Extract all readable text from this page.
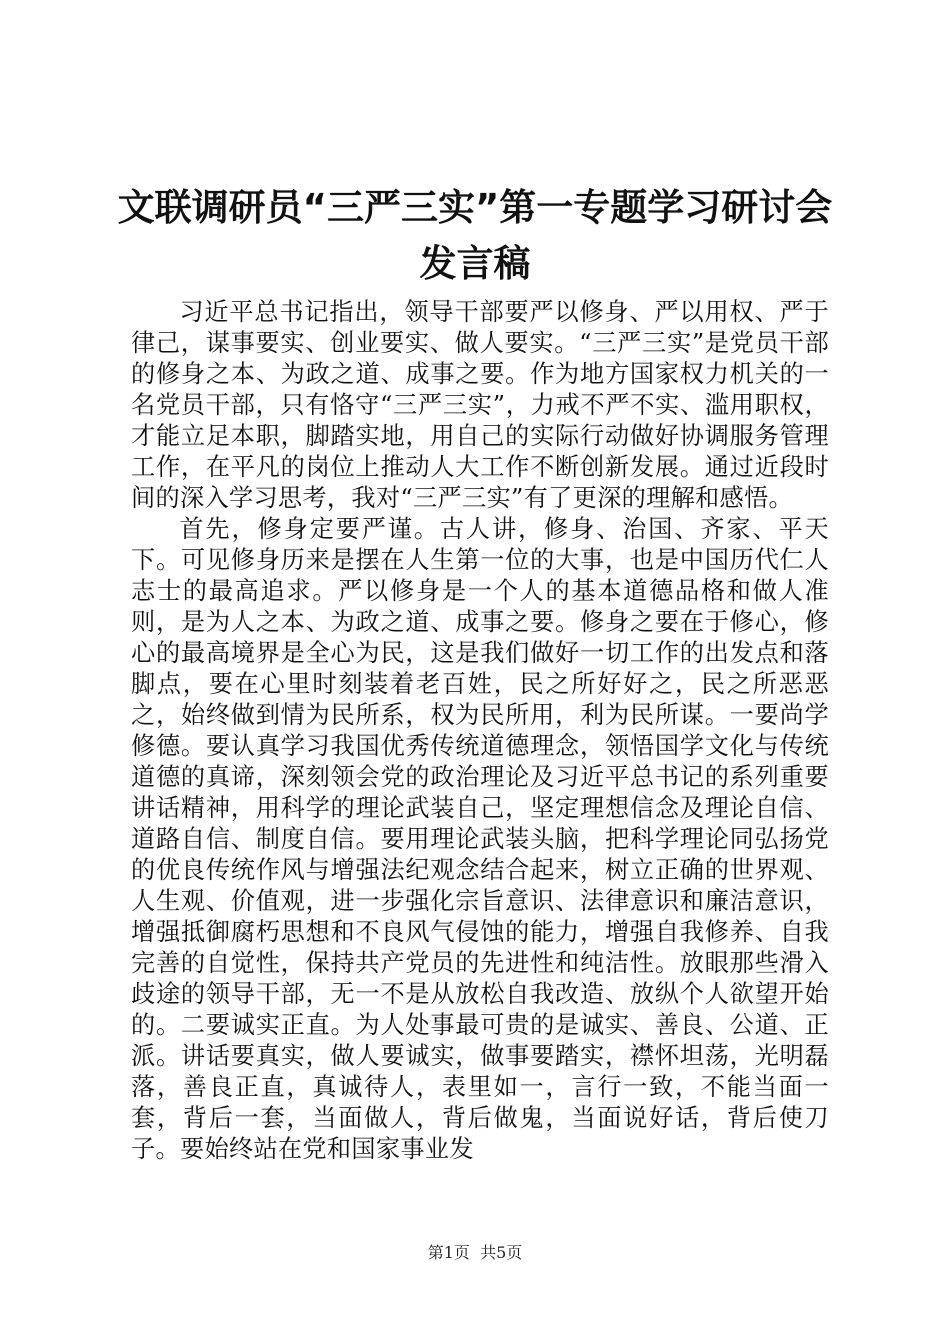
文联调研员“三严三实”第一专题学习研讨会
发言稿

习近平总书记指出，领导干部要严以修身、严以用权、严于律己，谋事要实、创业要实、做人要实。“三严三实”是党员干部的修身之本、为政之道、成事之要。作为地方国家权力机关的一名党员干部，只有恪守“三严三实”，力戒不严不实、滥用职权，才能立足本职，脚踏实地，用自己的实际行动做好协调服务管理工作，在平凡的岗位上推动人大工作不断创新发展。通过近段时间的深入学习思考，我对“三严三实”有了更深的理解和感悟。

首先，修身定要严谨。古人讲，修身、治国、齐家、平天下。可见修身历来是摆在人生第一位的大事，也是中国历代仁人志士的最高追求。严以修身是一个人的基本道德品格和做人准则，是为人之本、为政之道、成事之要。修身之要在于修心，修心的最高境界是全心为民，这是我们做好一切工作的出发点和落脚点，要在心里时刻装着老百姓，民之所好好之，民之所恶恶之，始终做到情为民所系，权为民所用，利为民所谋。一要尚学修德。要认真学习我国优秀传统道德理念，领悟国学文化与传统道德的真谛，深刻领会党的政治理论及习近平总书记的系列重要讲话精神，用科学的理论武装自己，坚定理想信念及理论自信、道路自信、制度自信。要用理论武装头脑，把科学理论同弘扬党的优良传统作风与增强法纪观念结合起来，树立正确的世界观、人生观、价值观，进一步强化宗旨意识、法律意识和廉洁意识，增强抵御腐朽思想和不良风气侵蚀的能力，增强自我修养、自我完善的自觉性，保持共产党员的先进性和纯洁性。放眼那些滑入歧途的领导干部，无一不是从放松自我改造、放纵个人欲望开始的。二要诚实正直。为人处事最可贵的是诚实、善良、公道、正派。讲话要真实，做人要诚实，做事要踏实，襟怀坦荡，光明磊落，善良正直，真诚待人，表里如一，言行一致，不能当面一套，背后一套，当面做人，背后做鬼，当面说好话，背后使刀子。要始终站在党和国家事业发

第1页  共5页
